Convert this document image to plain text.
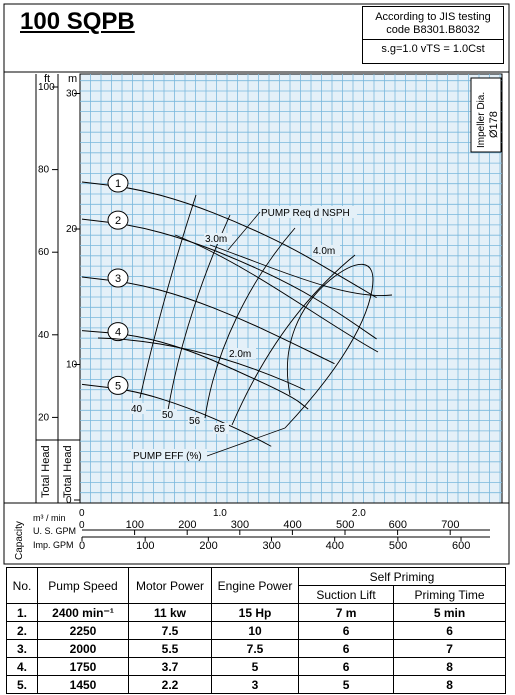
100 SQPB	According to JIS testing
code B8301.B8032
s.g=1.0 vTS = 1.0Cst
ft m
100
80
60
40
20
30
20
10
0
Total Head Total Head
Capacity
m³ / min
U. S. GPM
Imp. GPM
0	1.0	2.0
0	100	200	300	400	500	600	700
0	100	200	300	400	500	600
1
2
3
4
5
40
50
56
65
PUMP EFF (%)
2.0m
3.0m
4.0m
PUMP Req d NSPH
Impeller Dia. Ø178
No.	Pump Speed	Motor Power	Engine Power	Self Priming	
				Suction Lift	Priming Time
1.	2400 min⁻¹	11 kw	15 Hp	7 m	5 min
2.	2250	7.5	10	6	6
3.	2000	5.5	7.5	6	7
4.	1750	3.7	5	6	8
5.	1450	2.2	3	5	8
